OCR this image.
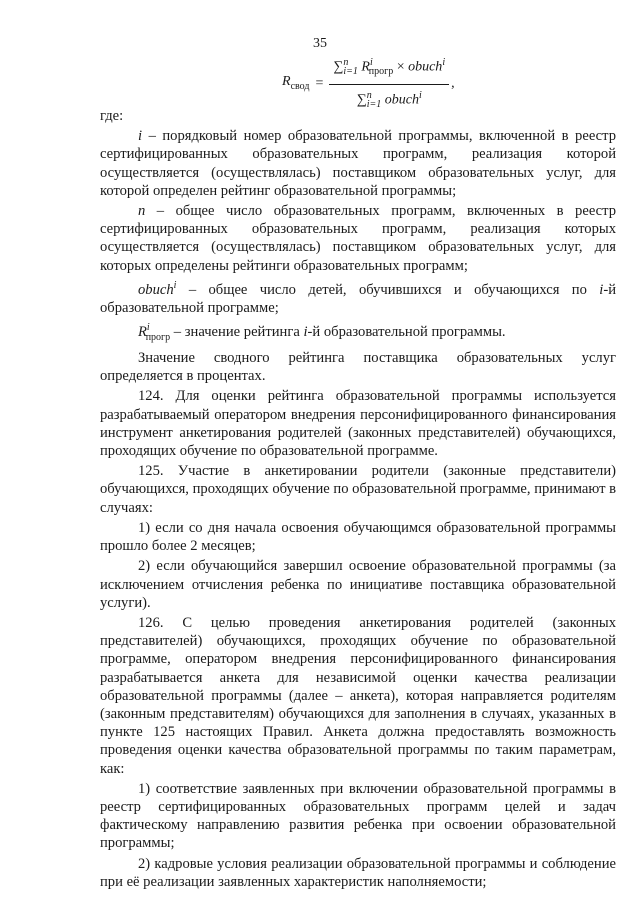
35
$R_{свод} = \frac{\sum^n_{i=1} R^i_{прогр} \times obuch^i}{\sum^n_{i=1} obuch^i}$ ,

где:

i – порядковый номер образовательной программы, включенной в реестр сертифицированных образовательных программ, реализация которой осуществляется (осуществлялась) поставщиком образовательных услуг, для которой определен рейтинг образовательной программы;

n – общее число образовательных программ, включенных в реестр сертифицированных образовательных программ, реализация которых осуществляется (осуществлялась) поставщиком образовательных услуг, для которых определены рейтинги образовательных программ;

obuch$^i$ – общее число детей, обучившихся и обучающихся по i-й образовательной программе;

$R^i_{прогр}$ – значение рейтинга i-й образовательной программы.

Значение сводного рейтинга поставщика образовательных услуг определяется в процентах.

124. Для оценки рейтинга образовательной программы используется разрабатываемый оператором внедрения персонифицированного финансирования инструмент анкетирования родителей (законных представителей) обучающихся, проходящих обучение по образовательной программе.

125. Участие в анкетировании родители (законные представители) обучающихся, проходящих обучение по образовательной программе, принимают в случаях:

1) если со дня начала освоения обучающимся образовательной программы прошло более 2 месяцев;

2) если обучающийся завершил освоение образовательной программы (за исключением отчисления ребенка по инициативе поставщика образовательной услуги).

126. С целью проведения анкетирования родителей (законных представителей) обучающихся, проходящих обучение по образовательной программе, оператором внедрения персонифицированного финансирования разрабатывается анкета для независимой оценки качества реализации образовательной программы (далее – анкета), которая направляется родителям (законным представителям) обучающихся для заполнения в случаях, указанных в пункте 125 настоящих Правил. Анкета должна предоставлять возможность проведения оценки качества образовательной программы по таким параметрам, как:

1) соответствие заявленных при включении образовательной программы в реестр сертифицированных образовательных программ целей и задач фактическому направлению развития ребенка при освоении образовательной программы;

2) кадровые условия реализации образовательной программы и соблюдение при её реализации заявленных характеристик наполняемости;
